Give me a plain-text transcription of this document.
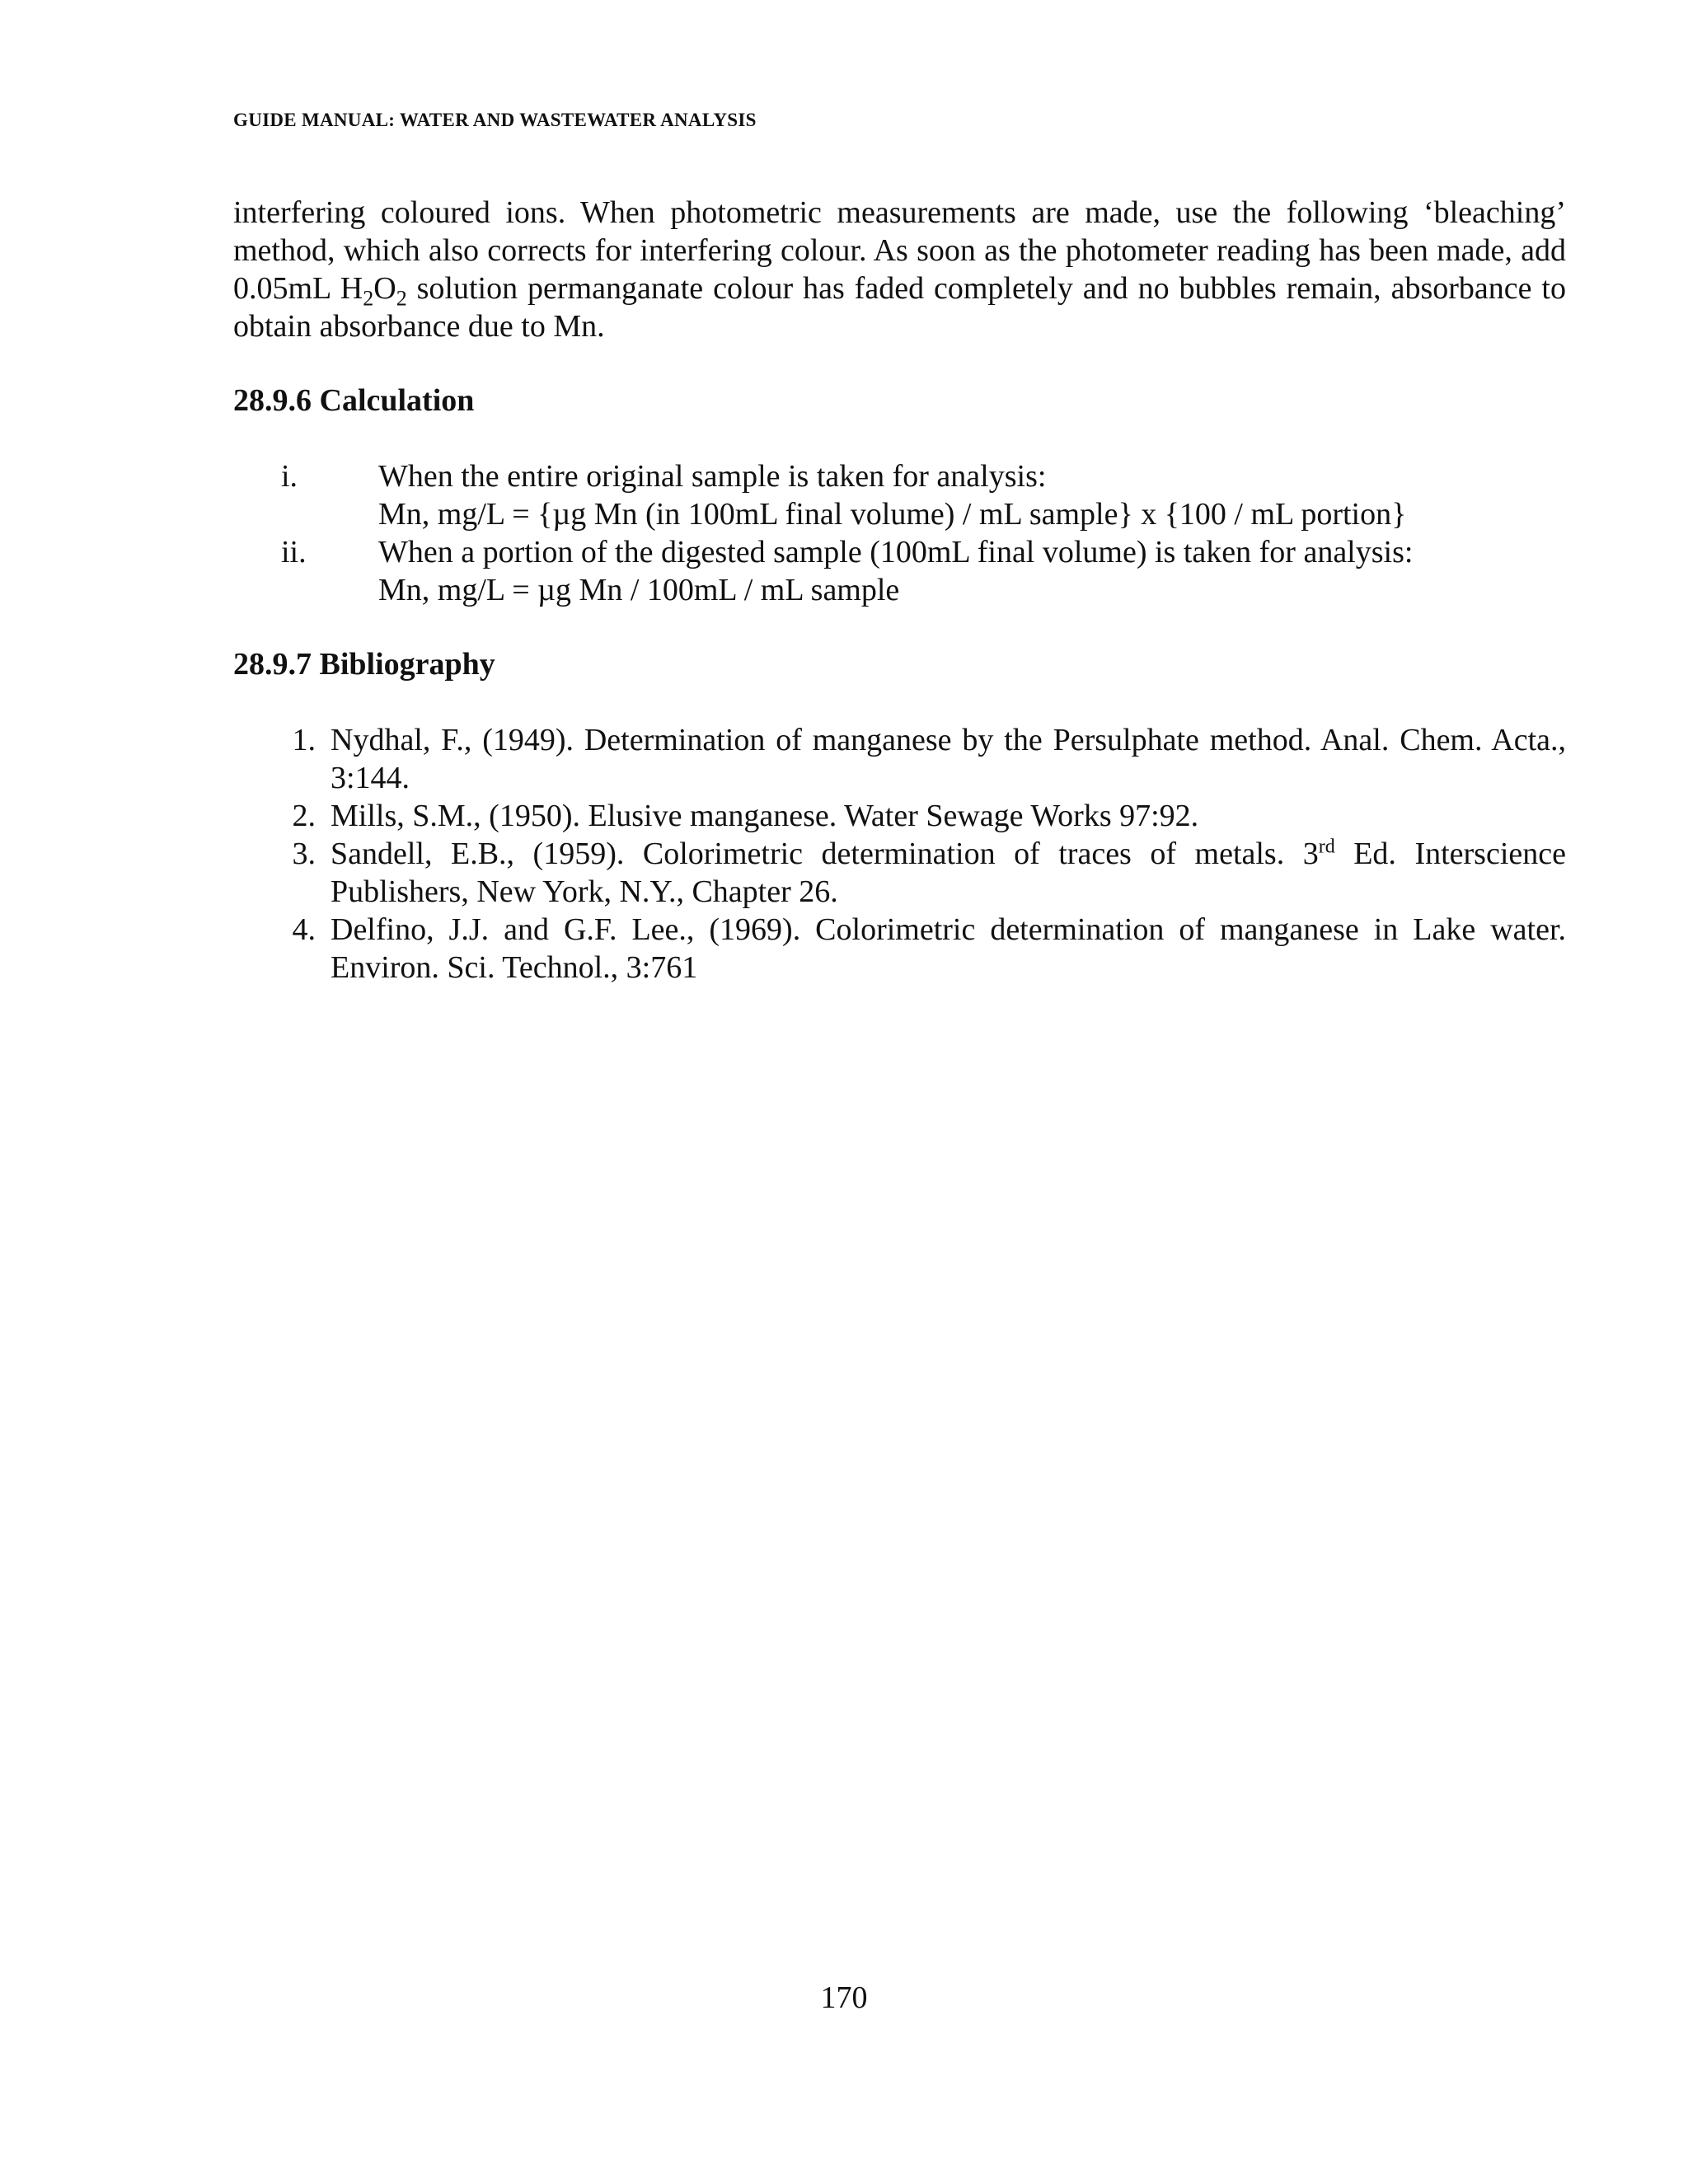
GUIDE MANUAL: WATER AND WASTEWATER ANALYSIS

interfering coloured ions. When photometric measurements are made, use the following ‘bleaching’ method, which also corrects for interfering colour. As soon as the photometer reading has been made, add 0.05mL $H_2O_2$ solution permanganate colour has faded completely and no bubbles remain, absorbance to obtain absorbance due to Mn.

28.9.6 Calculation
i.	When the entire original sample is taken for analysis:
Mn, mg/L = {µg Mn (in 100mL final volume) / mL sample} x {100 / mL portion}
ii.	When a portion of the digested sample (100mL final volume) is taken for analysis:
Mn, mg/L = µg Mn / 100mL / mL sample
28.9.7 Bibliography
1. Nydhal, F., (1949). Determination of manganese by the Persulphate method. Anal. Chem. Acta., 3:144.
2. Mills, S.M., (1950). Elusive manganese. Water Sewage Works 97:92.
3. Sandell, E.B., (1959). Colorimetric determination of traces of metals. 3rd Ed. Interscience Publishers, New York, N.Y., Chapter 26.
4. Delfino, J.J. and G.F. Lee., (1969). Colorimetric determination of manganese in Lake water. Environ. Sci. Technol., 3:761
170
